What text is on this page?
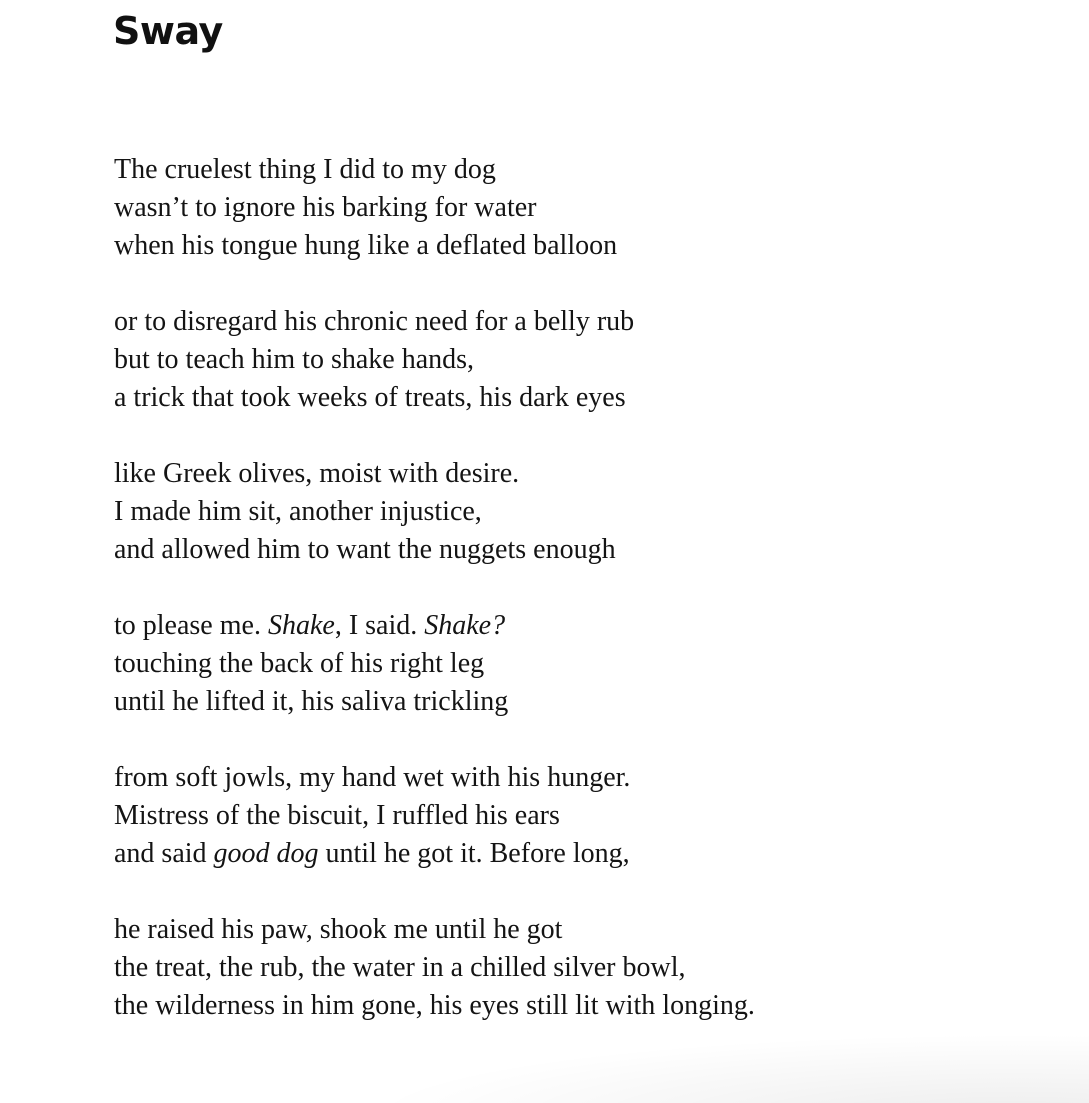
Sway
The cruelest thing I did to my dog
wasn’t to ignore his barking for water
when his tongue hung like a deflated balloon
or to disregard his chronic need for a belly rub
but to teach him to shake hands,
a trick that took weeks of treats, his dark eyes
like Greek olives, moist with desire.
I made him sit, another injustice,
and allowed him to want the nuggets enough
to please me. Shake, I said. Shake?
touching the back of his right leg
until he lifted it, his saliva trickling
from soft jowls, my hand wet with his hunger.
Mistress of the biscuit, I ruffled his ears
and said good dog until he got it. Before long,
he raised his paw, shook me until he got
the treat, the rub, the water in a chilled silver bowl,
the wilderness in him gone, his eyes still lit with longing.
